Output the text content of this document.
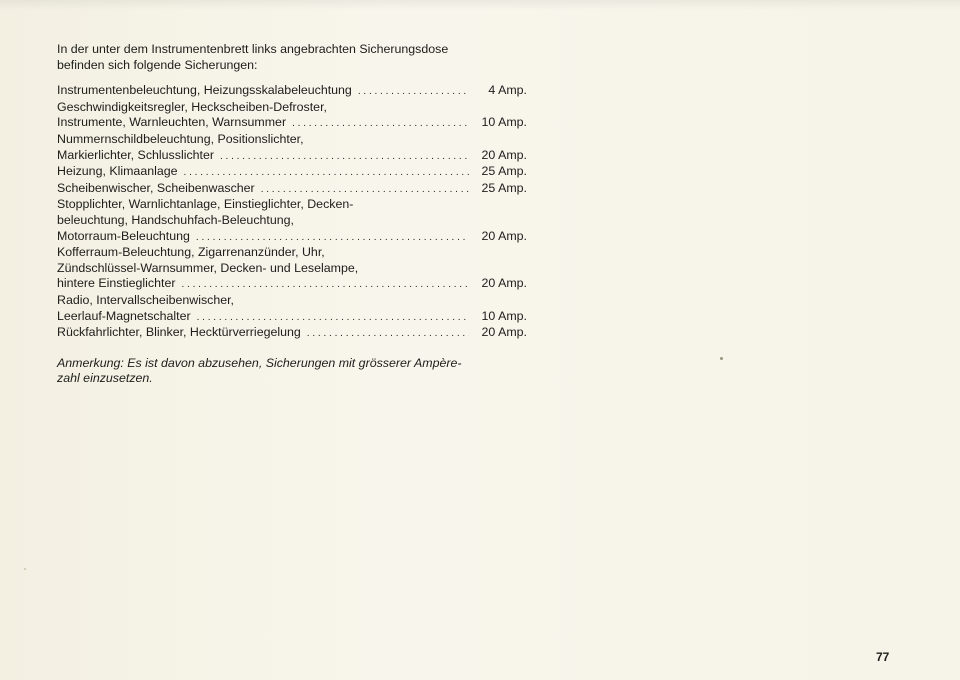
In der unter dem Instrumentenbrett links angebrachten Sicherungsdose
befinden sich folgende Sicherungen:

Instrumentenbeleuchtung, Heizungsskalabeleuchtung . . .	4 Amp.
Geschwindigkeitsregler, Heckscheiben-Defroster,
Instrumente, Warnleuchten, Warnsummer . . .	10 Amp.
Nummernschildbeleuchtung, Positionslichter,
Markierlichter, Schlusslichter . . .	20 Amp.
Heizung, Klimaanlage . . .	25 Amp.
Scheibenwischer, Scheibenwascher . . .	25 Amp.
Stopplichter, Warnlichtanlage, Einstieglichter, Decken-
beleuchtung, Handschuhfach-Beleuchtung,
Motorraum-Beleuchtung . . .	20 Amp.
Kofferraum-Beleuchtung, Zigarrenanzünder, Uhr,
Zündschlüssel-Warnsummer, Decken- und Leselampe,
hintere Einstieglichter . . .	20 Amp.
Radio, Intervallscheibenwischer,
Leerlauf-Magnetschalter . . .	10 Amp.
Rückfahrlichter, Blinker, Hecktürverriegelung . . .	20 Amp.

Anmerkung: Es ist davon abzusehen, Sicherungen mit grösserer Ampère-
zahl einzusetzen.

77
